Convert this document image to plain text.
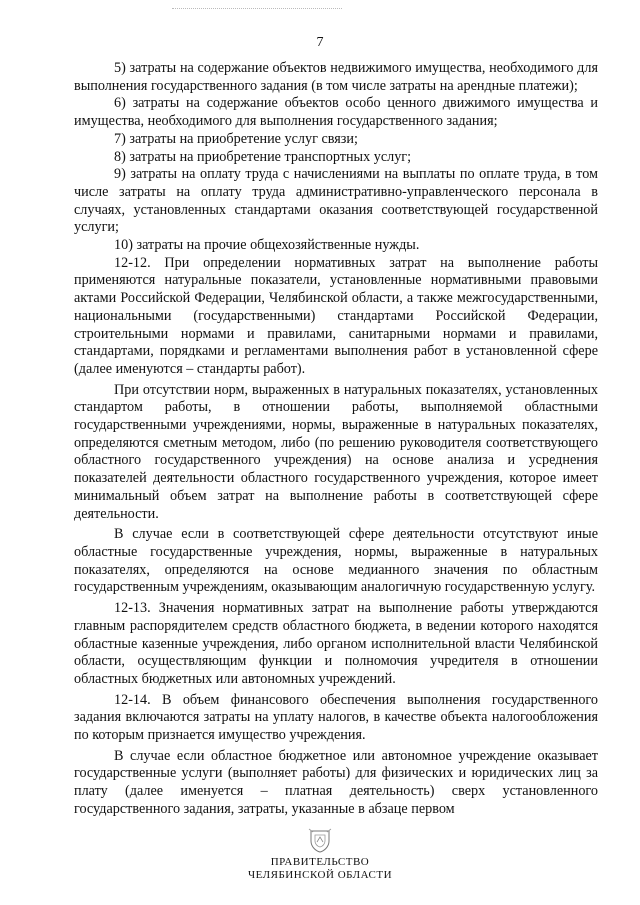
7

5) затраты на содержание объектов недвижимого имущества, необходимого для выполнения государственного задания (в том числе затраты на арендные платежи);

6) затраты на содержание объектов особо ценного движимого имущества и имущества, необходимого для выполнения государственного задания;

7) затраты на приобретение услуг связи;

8) затраты на приобретение транспортных услуг;

9) затраты на оплату труда с начислениями на выплаты по оплате труда, в том числе затраты на оплату труда административно-управленческого персонала в случаях, установленных стандартами оказания соответствующей государственной услуги;

10) затраты на прочие общехозяйственные нужды.

12-12. При определении нормативных затрат на выполнение работы применяются натуральные показатели, установленные нормативными правовыми актами Российской Федерации, Челябинской области, а также межгосударственными, национальными (государственными) стандартами Российской Федерации, строительными нормами и правилами, санитарными нормами и правилами, стандартами, порядками и регламентами выполнения работ в установленной сфере (далее именуются – стандарты работ).

При отсутствии норм, выраженных в натуральных показателях, установленных стандартом работы, в отношении работы, выполняемой областными государственными учреждениями, нормы, выраженные в натуральных показателях, определяются сметным методом, либо (по решению руководителя соответствующего областного государственного учреждения) на основе анализа и усреднения показателей деятельности областного государственного учреждения, которое имеет минимальный объем затрат на выполнение работы в соответствующей сфере деятельности.

В случае если в соответствующей сфере деятельности отсутствуют иные областные государственные учреждения, нормы, выраженные в натуральных показателях, определяются на основе медианного значения по областным государственным учреждениям, оказывающим аналогичную государственную услугу.

12-13. Значения нормативных затрат на выполнение работы утверждаются главным распорядителем средств областного бюджета, в ведении которого находятся областные казенные учреждения, либо органом исполнительной власти Челябинской области, осуществляющим функции и полномочия учредителя в отношении областных бюджетных или автономных учреждений.

12-14. В объем финансового обеспечения выполнения государственного задания включаются затраты на уплату налогов, в качестве объекта налогообложения по которым признается имущество учреждения.

В случае если областное бюджетное или автономное учреждение оказывает государственные услуги (выполняет работы) для физических и юридических лиц за плату (далее именуется – платная деятельность) сверх установленного государственного задания, затраты, указанные в абзаце первом

ПРАВИТЕЛЬСТВО
ЧЕЛЯБИНСКОЙ ОБЛАСТИ
